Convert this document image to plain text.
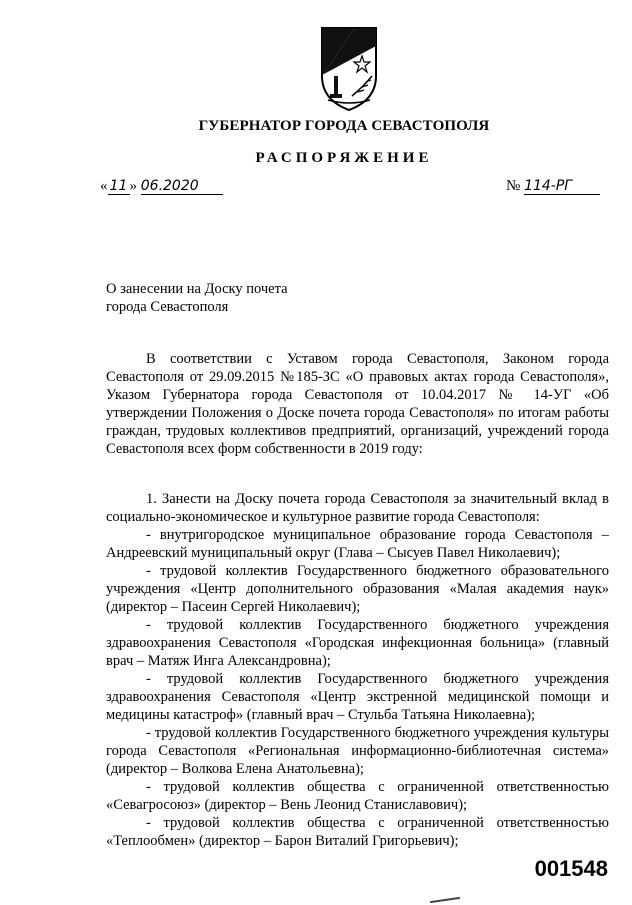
ГУБЕРНАТОР ГОРОДА СЕВАСТОПОЛЯ
РАСПОРЯЖЕНИЕ
« 11 » 06.2020	№ 114-РГ
О занесении на Доску почета
города Севастополя

В соответствии с Уставом города Севастополя, Законом города Севастополя от 29.09.2015 №185-ЗС «О правовых актах города Севастополя», Указом Губернатора города Севастополя от 10.04.2017 № 14-УГ «Об утверждении Положения о Доске почета города Севастополя» по итогам работы граждан, трудовых коллективов предприятий, организаций, учреждений города Севастополя всех форм собственности в 2019 году:

1. Занести на Доску почета города Севастополя за значительный вклад в социально-экономическое и культурное развитие города Севастополя:

- внутригородское муниципальное образование города Севастополя – Андреевский муниципальный округ (Глава – Сысуев Павел Николаевич);

- трудовой коллектив Государственного бюджетного образовательного учреждения «Центр дополнительного образования «Малая академия наук» (директор – Пасеин Сергей Николаевич);

- трудовой коллектив Государственного бюджетного учреждения здравоохранения Севастополя «Городская инфекционная больница» (главный врач – Матяж Инга Александровна);

- трудовой коллектив Государственного бюджетного учреждения здравоохранения Севастополя «Центр экстренной медицинской помощи и медицины катастроф» (главный врач – Стульба Татьяна Николаевна);

- трудовой коллектив Государственного бюджетного учреждения культуры города Севастополя «Региональная информационно-библиотечная система» (директор – Волкова Елена Анатольевна);

- трудовой коллектив общества с ограниченной ответственностью «Севагросоюз» (директор – Вень Леонид Станиславович);

- трудовой коллектив общества с ограниченной ответственностью «Теплообмен» (директор – Барон Виталий Григорьевич);

001548
